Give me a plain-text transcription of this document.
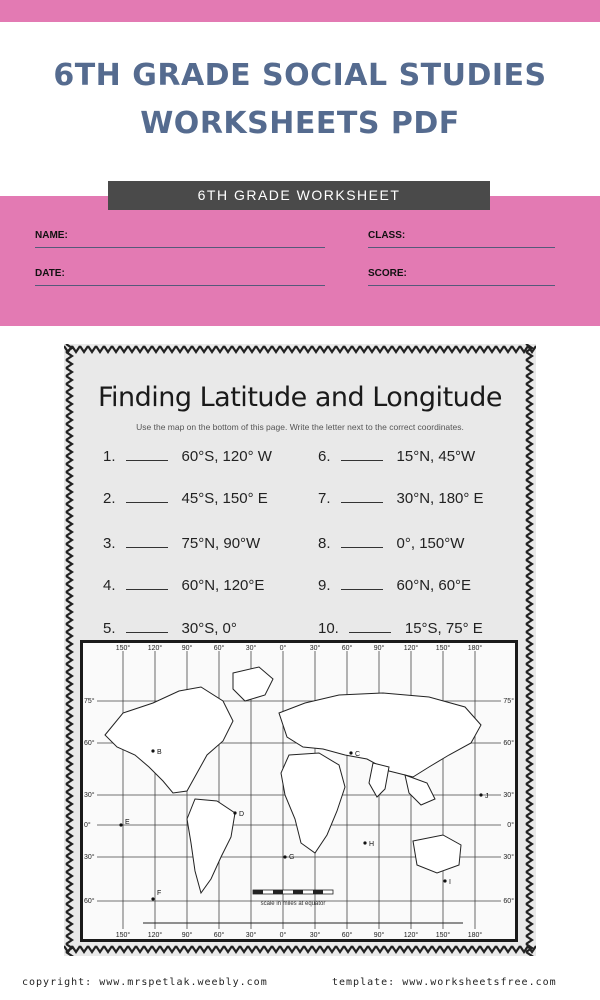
6TH GRADE SOCIAL STUDIES
WORKSHEETS PDF
6TH GRADE WORKSHEET
NAME:	CLASS:
DATE:	SCORE:
Finding Latitude and Longitude
Use the map on the bottom of this page. Write the letter next to the correct coordinates.
1.	60°S, 120° W
2.	45°S, 150° E
3.	75°N, 90°W
4.	60°N, 120°E
5.	30°S, 0°
6.	15°N, 45°W
7.	30°N, 180° E
8.	0°, 150°W
9.	60°N, 60°E
10.	15°S, 75° E
scale in miles at equator
150°	120°	90°	60°	30°	0°	30°	60°	90°	120°	150°	180°
150°	120°	90°	60°	30°	0°	30°	60°	90°	120°	150°	180°
75°
60°
30°
0°
30°
60°
75°
60°
30°
0°
30°
60°
B	C
D
E
F
G
H
I
J
copyright: www.mrspetlak.weebly.com	template: www.worksheetsfree.com
